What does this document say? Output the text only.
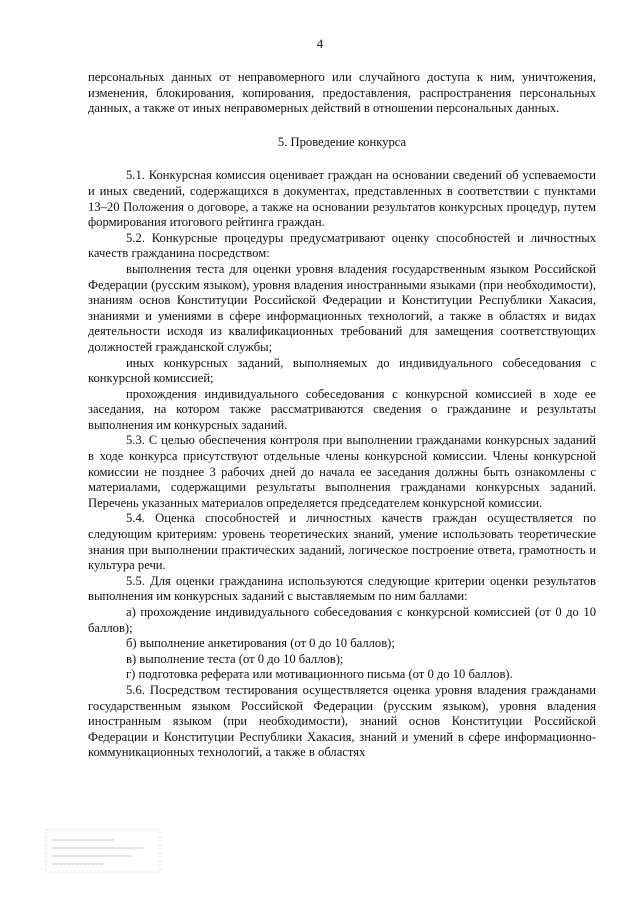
4

персональных данных от неправомерного или случайного доступа к ним, уничтожения, изменения, блокирования, копирования, предоставления, распространения персональных данных, а также от иных неправомерных действий в отношении персональных данных.

5. Проведение конкурса

5.1. Конкурсная комиссия оценивает граждан на основании сведений об успеваемости и иных сведений, содержащихся в документах, представленных в соответствии с пунктами 13–20 Положения о договоре, а также на основании результатов конкурсных процедур, путем формирования итогового рейтинга граждан.

5.2. Конкурсные процедуры предусматривают оценку способностей и личностных качеств гражданина посредством:

выполнения теста для оценки уровня владения государственным языком Российской Федерации (русским языком), уровня владения иностранными языками (при необходимости), знаниям основ Конституции Российской Федерации и Конституции Республики Хакасия, знаниями и умениями в сфере информационных технологий, а также в областях и видах деятельности исходя из квалификационных требований для замещения соответствующих должностей гражданской службы;

иных конкурсных заданий, выполняемых до индивидуального собеседования с конкурсной комиссией;

прохождения индивидуального собеседования с конкурсной комиссией в ходе ее заседания, на котором также рассматриваются сведения о гражданине и результаты выполнения им конкурсных заданий.

5.3. С целью обеспечения контроля при выполнении гражданами конкурсных заданий в ходе конкурса присутствуют отдельные члены конкурсной комиссии. Члены конкурсной комиссии не позднее 3 рабочих дней до начала ее заседания должны быть ознакомлены с материалами, содержащими результаты выполнения гражданами конкурсных заданий. Перечень указанных материалов определяется председателем конкурсной комиссии.

5.4. Оценка способностей и личностных качеств граждан осуществляется по следующим критериям: уровень теоретических знаний, умение использовать теоретические знания при выполнении практических заданий, логическое построение ответа, грамотность и культура речи.

5.5. Для оценки гражданина используются следующие критерии оценки результатов выполнения им конкурсных заданий с выставляемым по ним баллами:

а) прохождение индивидуального собеседования с конкурсной комиссией (от 0 до 10 баллов);

б) выполнение анкетирования (от 0 до 10 баллов);

в) выполнение теста (от 0 до 10 баллов);

г) подготовка реферата или мотивационного письма (от 0 до 10 баллов).

5.6. Посредством тестирования осуществляется оценка уровня владения гражданами государственным языком Российской Федерации (русским языком), уровня владения иностранным языком (при необходимости), знаний основ Конституции Российской Федерации и Конституции Республики Хакасия, знаний и умений в сфере информационно-коммуникационных технологий, а также в областях
